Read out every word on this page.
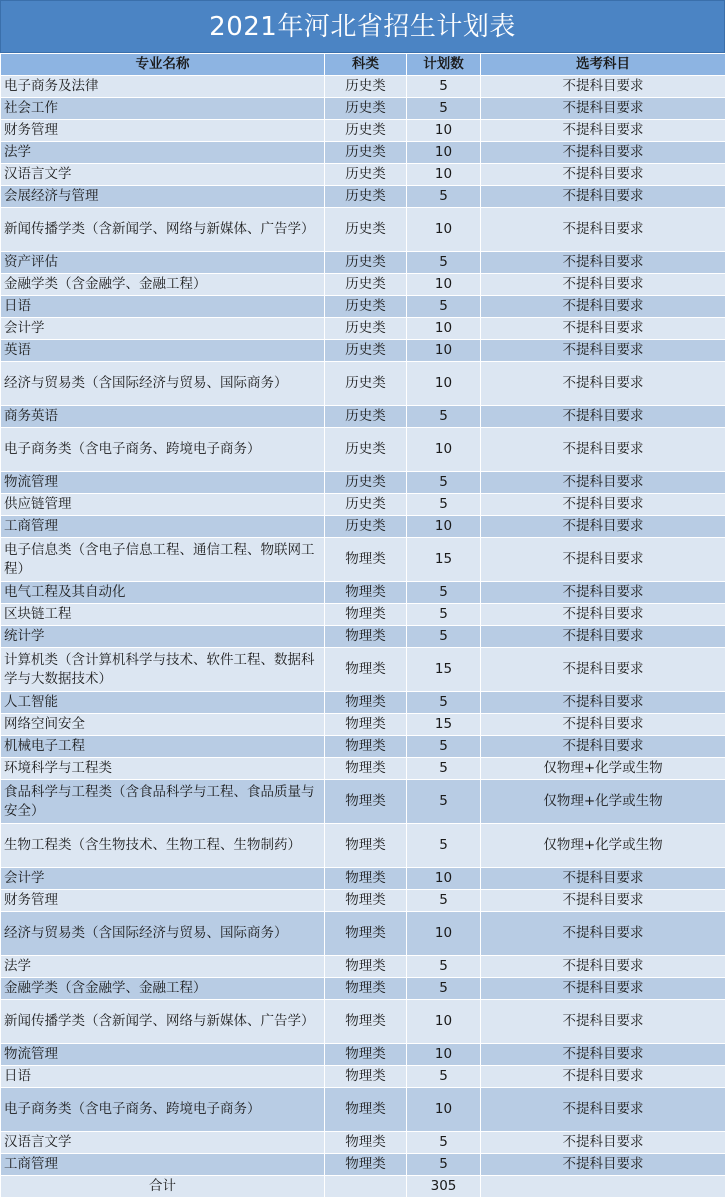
2021年河北省招生计划表
专业名称	科类	计划数	选考科目
电子商务及法律	历史类	5	不提科目要求
社会工作	历史类	5	不提科目要求
财务管理	历史类	10	不提科目要求
法学	历史类	10	不提科目要求
汉语言文学	历史类	10	不提科目要求
会展经济与管理	历史类	5	不提科目要求
新闻传播学类（含新闻学、网络与新媒体、广告学）	历史类	10	不提科目要求
资产评估	历史类	5	不提科目要求
金融学类（含金融学、金融工程）	历史类	10	不提科目要求
日语	历史类	5	不提科目要求
会计学	历史类	10	不提科目要求
英语	历史类	10	不提科目要求
经济与贸易类（含国际经济与贸易、国际商务）	历史类	10	不提科目要求
商务英语	历史类	5	不提科目要求
电子商务类（含电子商务、跨境电子商务）	历史类	10	不提科目要求
物流管理	历史类	5	不提科目要求
供应链管理	历史类	5	不提科目要求
工商管理	历史类	10	不提科目要求
电子信息类（含电子信息工程、通信工程、物联网工程）	物理类	15	不提科目要求
电气工程及其自动化	物理类	5	不提科目要求
区块链工程	物理类	5	不提科目要求
统计学	物理类	5	不提科目要求
计算机类（含计算机科学与技术、软件工程、数据科学与大数据技术）	物理类	15	不提科目要求
人工智能	物理类	5	不提科目要求
网络空间安全	物理类	15	不提科目要求
机械电子工程	物理类	5	不提科目要求
环境科学与工程类	物理类	5	仅物理+化学或生物
食品科学与工程类（含食品科学与工程、食品质量与安全）	物理类	5	仅物理+化学或生物
生物工程类（含生物技术、生物工程、生物制药）	物理类	5	仅物理+化学或生物
会计学	物理类	10	不提科目要求
财务管理	物理类	5	不提科目要求
经济与贸易类（含国际经济与贸易、国际商务）	物理类	10	不提科目要求
法学	物理类	5	不提科目要求
金融学类（含金融学、金融工程）	物理类	5	不提科目要求
新闻传播学类（含新闻学、网络与新媒体、广告学）	物理类	10	不提科目要求
物流管理	物理类	10	不提科目要求
日语	物理类	5	不提科目要求
电子商务类（含电子商务、跨境电子商务）	物理类	10	不提科目要求
汉语言文学	物理类	5	不提科目要求
工商管理	物理类	5	不提科目要求
合计		305	
